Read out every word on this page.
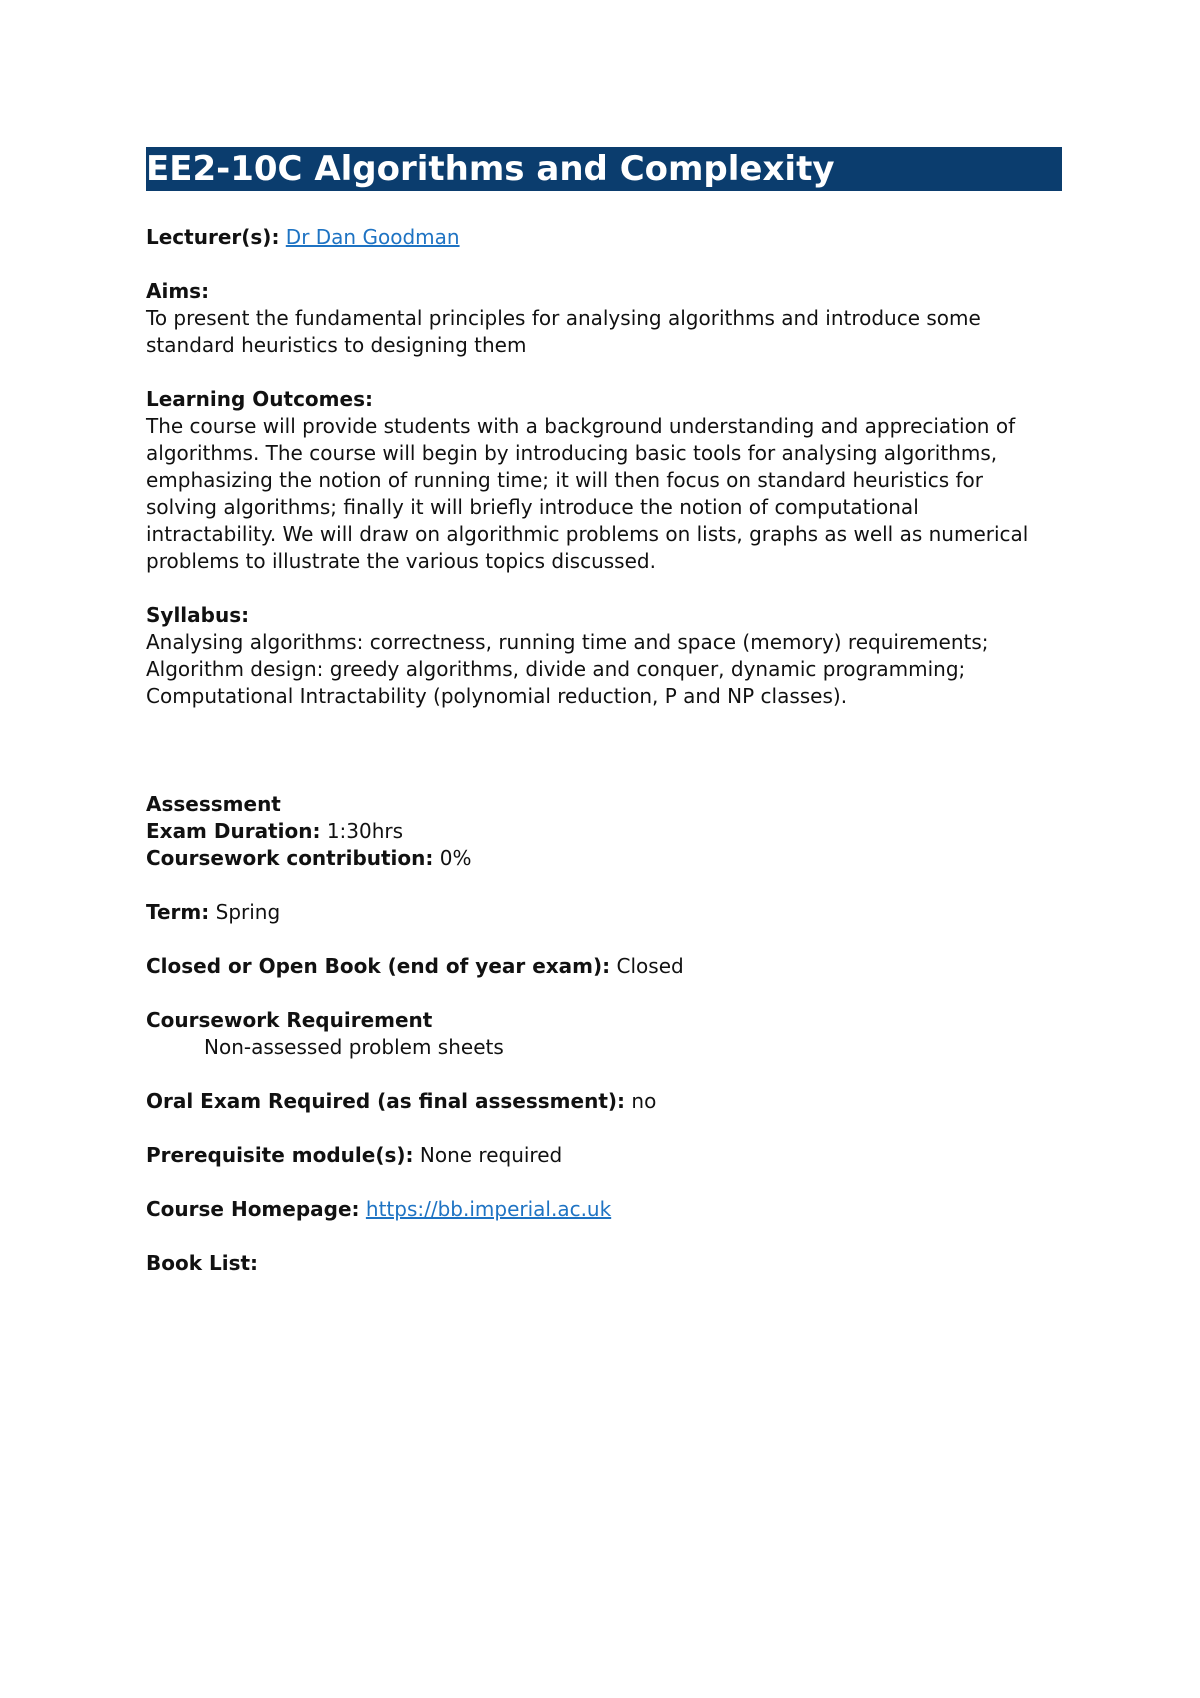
EE2-10C Algorithms and Complexity
Lecturer(s): Dr Dan Goodman
Aims:
To present the fundamental principles for analysing algorithms and introduce some
standard heuristics to designing them
Learning Outcomes:
The course will provide students with a background understanding and appreciation of
algorithms. The course will begin by introducing basic tools for analysing algorithms,
emphasizing the notion of running time; it will then focus on standard heuristics for
solving algorithms; finally it will briefly introduce the notion of computational
intractability. We will draw on algorithmic problems on lists, graphs as well as numerical
problems to illustrate the various topics discussed.
Syllabus:
Analysing algorithms: correctness, running time and space (memory) requirements;
Algorithm design: greedy algorithms, divide and conquer, dynamic programming;
Computational Intractability (polynomial reduction, P and NP classes).
Assessment
Exam Duration: 1:30hrs
Coursework contribution: 0%
Term: Spring
Closed or Open Book (end of year exam): Closed
Coursework Requirement
Non-assessed problem sheets
Oral Exam Required (as final assessment): no
Prerequisite module(s): None required
Course Homepage: https://bb.imperial.ac.uk
Book List:
